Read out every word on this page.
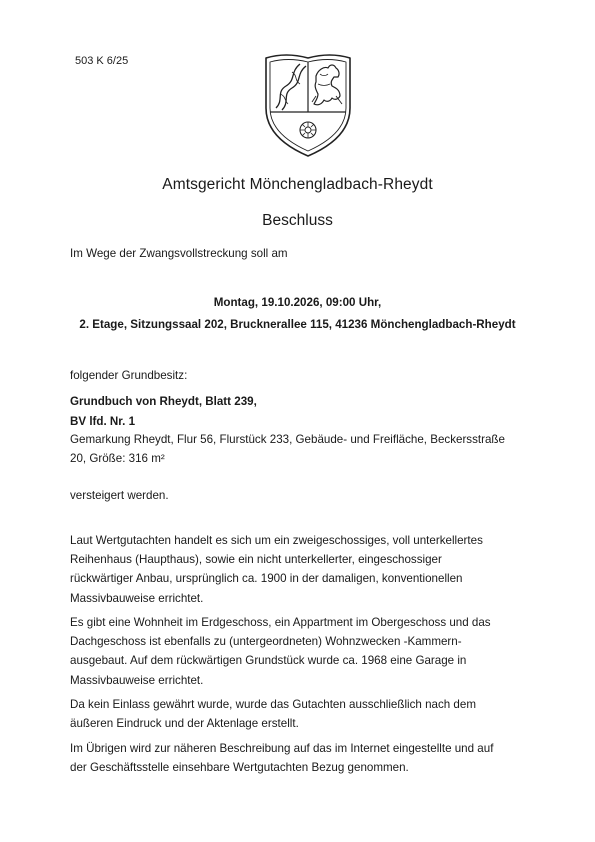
503 K 6/25
Amtsgericht Mönchengladbach-Rheydt
Beschluss

Im Wege der Zwangsvollstreckung soll am

Montag, 19.10.2026, 09:00 Uhr,
2. Etage, Sitzungssaal 202, Brucknerallee 115, 41236 Mönchengladbach-Rheydt

folgender Grundbesitz:

Grundbuch von Rheydt, Blatt 239,

BV lfd. Nr. 1

Gemarkung Rheydt, Flur 56, Flurstück 233, Gebäude- und Freifläche, Beckersstraße
20, Größe: 316 m²

versteigert werden.

Laut Wertgutachten handelt es sich um ein zweigeschossiges, voll unterkellertes
Reihenhaus (Haupthaus), sowie ein nicht unterkellerter, eingeschossiger
rückwärtiger Anbau, ursprünglich ca. 1900 in der damaligen, konventionellen
Massivbauweise errichtet.

Es gibt eine Wohnheit im Erdgeschoss, ein Appartment im Obergeschoss und das
Dachgeschoss ist ebenfalls zu (untergeordneten) Wohnzwecken -Kammern-
ausgebaut. Auf dem rückwärtigen Grundstück wurde ca. 1968 eine Garage in
Massivbauweise errichtet.

Da kein Einlass gewährt wurde, wurde das Gutachten ausschließlich nach dem
äußeren Eindruck und der Aktenlage erstellt.

Im Übrigen wird zur näheren Beschreibung auf das im Internet eingestellte und auf
der Geschäftsstelle einsehbare Wertgutachten Bezug genommen.
